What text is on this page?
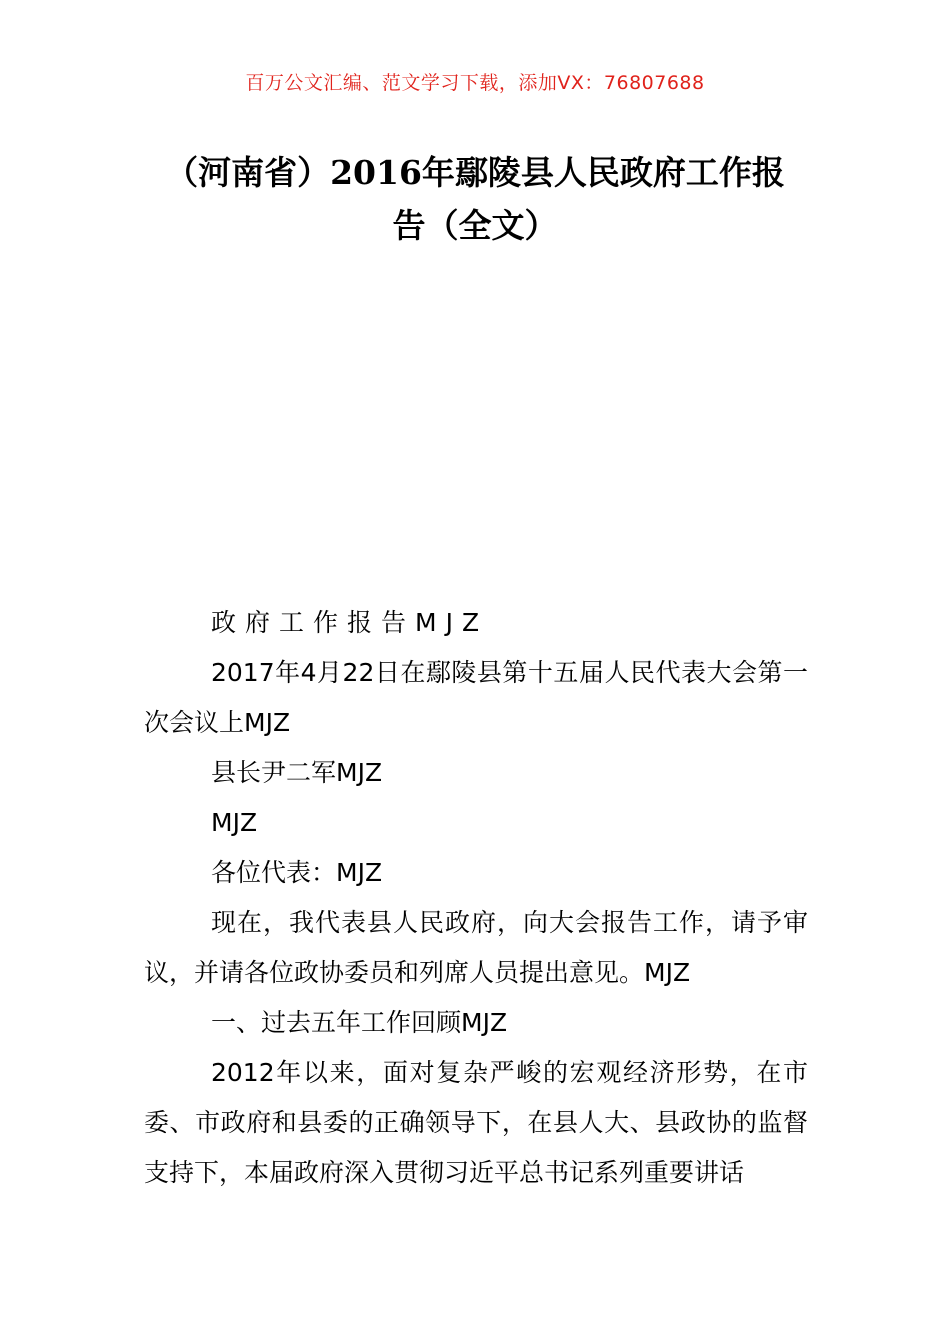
百万公文汇编、范文学习下载，添加VX：76807688
（河南省）2016年鄢陵县人民政府工作报
告（全文）

政府工作报告MJZ

2017年4月22日在鄢陵县第十五届人民代表大会第一次会议上MJZ

县长尹二军MJZ

MJZ

各位代表：MJZ

现在，我代表县人民政府，向大会报告工作，请予审议，并请各位政协委员和列席人员提出意见。MJZ

一、过去五年工作回顾MJZ

2012年以来，面对复杂严峻的宏观经济形势，在市委、市政府和县委的正确领导下，在县人大、县政协的监督支持下，本届政府深入贯彻习近平总书记系列重要讲话
